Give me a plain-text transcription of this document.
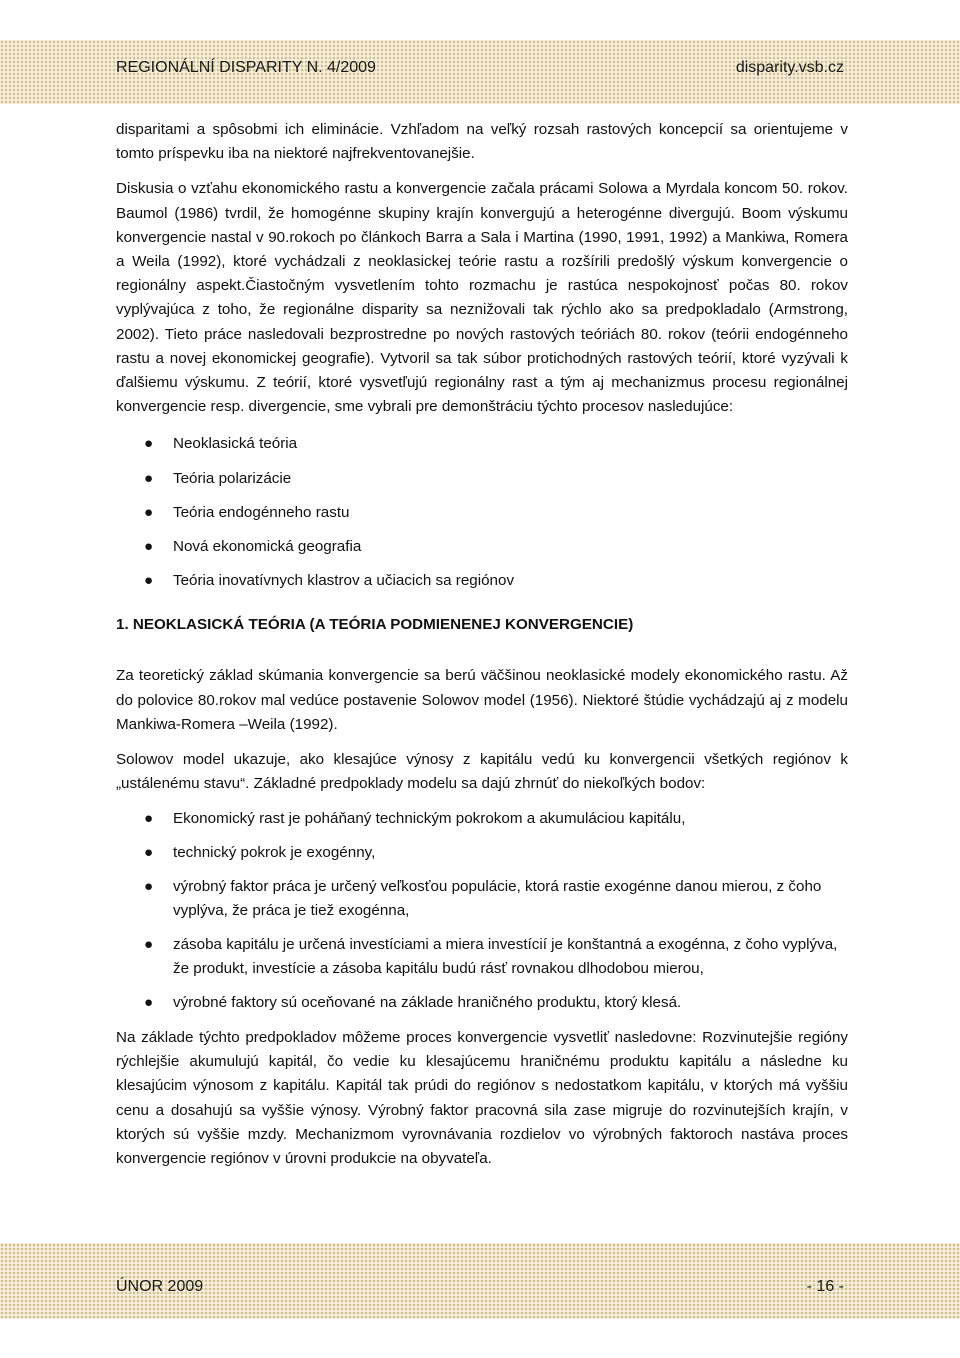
REGIONÁLNÍ DISPARITY N. 4/2009	disparity.vsb.cz

disparitami a spôsobmi ich eliminácie. Vzhľadom na veľký rozsah rastových koncepcií sa orientujeme v tomto príspevku iba na niektoré najfrekventovanejšie.

Diskusia o vzťahu ekonomického rastu a konvergencie začala prácami Solowa a Myrdala koncom 50. rokov. Baumol (1986) tvrdil, že homogénne skupiny krajín konvergujú a heterogénne divergujú. Boom výskumu konvergencie nastal v 90.rokoch po článkoch Barra a Sala i Martina (1990, 1991, 1992) a Mankiwa, Romera a Weila (1992), ktoré vychádzali z neoklasickej teórie rastu a rozšírili predošlý výskum konvergencie o regionálny aspekt.Čiastočným vysvetlením tohto rozmachu je rastúca nespokojnosť počas 80. rokov vyplývajúca z toho, že regionálne disparity sa neznižovali tak rýchlo ako sa predpokladalo (Armstrong, 2002). Tieto práce nasledovali bezprostredne po nových rastových teóriách 80. rokov (teórii endogénneho rastu a novej ekonomickej geografie). Vytvoril sa tak súbor protichodných rastových teórií, ktoré vyzývali k ďalšiemu výskumu. Z teórií, ktoré vysvetľujú regionálny rast a tým aj mechanizmus procesu regionálnej konvergencie resp. divergencie, sme vybrali pre demonštráciu týchto procesov nasledujúce:

● Neoklasická teória
● Teória polarizácie
● Teória endogénneho rastu
● Nová ekonomická geografia
● Teória inovatívnych klastrov a učiacich sa regiónov
1. NEOKLASICKÁ TEÓRIA (A TEÓRIA PODMIENENEJ KONVERGENCIE)

Za teoretický základ skúmania konvergencie sa berú väčšinou neoklasické modely ekonomického rastu. Až do polovice 80.rokov mal vedúce postavenie Solowov model (1956). Niektoré štúdie vychádzajú aj z modelu Mankiwa-Romera –Weila (1992).

Solowov model ukazuje, ako klesajúce výnosy z kapitálu vedú ku konvergencii všetkých regiónov k „ustálenému stavu“. Základné predpoklady modelu sa dajú zhrnúť do niekoľkých bodov:

● Ekonomický rast je poháňaný technickým pokrokom a akumuláciou kapitálu,
● technický pokrok je exogénny,
● výrobný faktor práca je určený veľkosťou populácie, ktorá rastie exogénne danou mierou, z čoho vyplýva, že práca je tiež exogénna,
● zásoba kapitálu je určená investíciami a miera investícií je konštantná a exogénna, z čoho vyplýva, že produkt, investície a zásoba kapitálu budú rásť rovnakou dlhodobou mierou,
● výrobné faktory sú oceňované na základe hraničného produktu, ktorý klesá.

Na základe týchto predpokladov môžeme proces konvergencie vysvetliť nasledovne: Rozvinutejšie regióny rýchlejšie akumulujú kapitál, čo vedie ku klesajúcemu hraničnému produktu kapitálu a následne ku klesajúcim výnosom z kapitálu. Kapitál tak prúdi do regiónov s nedostatkom kapitálu, v ktorých má vyššiu cenu a dosahujú sa vyššie výnosy. Výrobný faktor pracovná sila zase migruje do rozvinutejších krajín, v ktorých sú vyššie mzdy. Mechanizmom vyrovnávania rozdielov vo výrobných faktoroch nastáva proces konvergencie regiónov v úrovni produkcie na obyvateľa.

ÚNOR 2009	- 16 -
